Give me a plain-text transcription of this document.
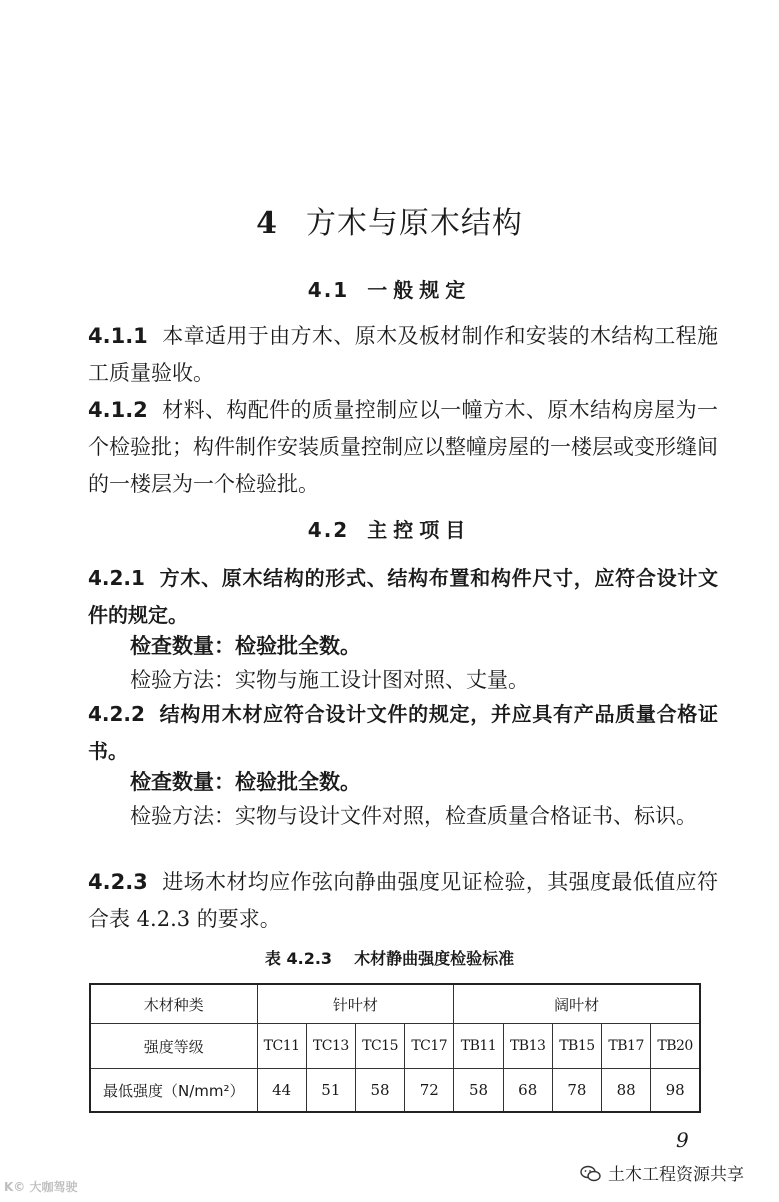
4 方木与原木结构
4.1 一般规定
4.1.1 本章适用于由方木、原木及板材制作和安装的木结构工程施工质量验收。
4.1.2 材料、构配件的质量控制应以一幢方木、原木结构房屋为一个检验批；构件制作安装质量控制应以整幢房屋的一楼层或变形缝间的一楼层为一个检验批。
4.2 主控项目
4.2.1 方木、原木结构的形式、结构布置和构件尺寸，应符合设计文件的规定。
检查数量：检验批全数。
检验方法：实物与施工设计图对照、丈量。
4.2.2 结构用木材应符合设计文件的规定，并应具有产品质量合格证书。
检查数量：检验批全数。
检验方法：实物与设计文件对照，检查质量合格证书、标识。
4.2.3 进场木材均应作弦向静曲强度见证检验，其强度最低值应符合表 4.2.3 的要求。
表 4.2.3 木材静曲强度检验标准
木材种类	针叶材				阔叶材				
强度等级	TC11	TC13	TC15	TC17	TB11	TB13	TB15	TB17	TB20
最低强度（N/mm²）	44	51	58	72	58	68	78	88	98
9
土木工程资源共享
K© 大咖驾驶
